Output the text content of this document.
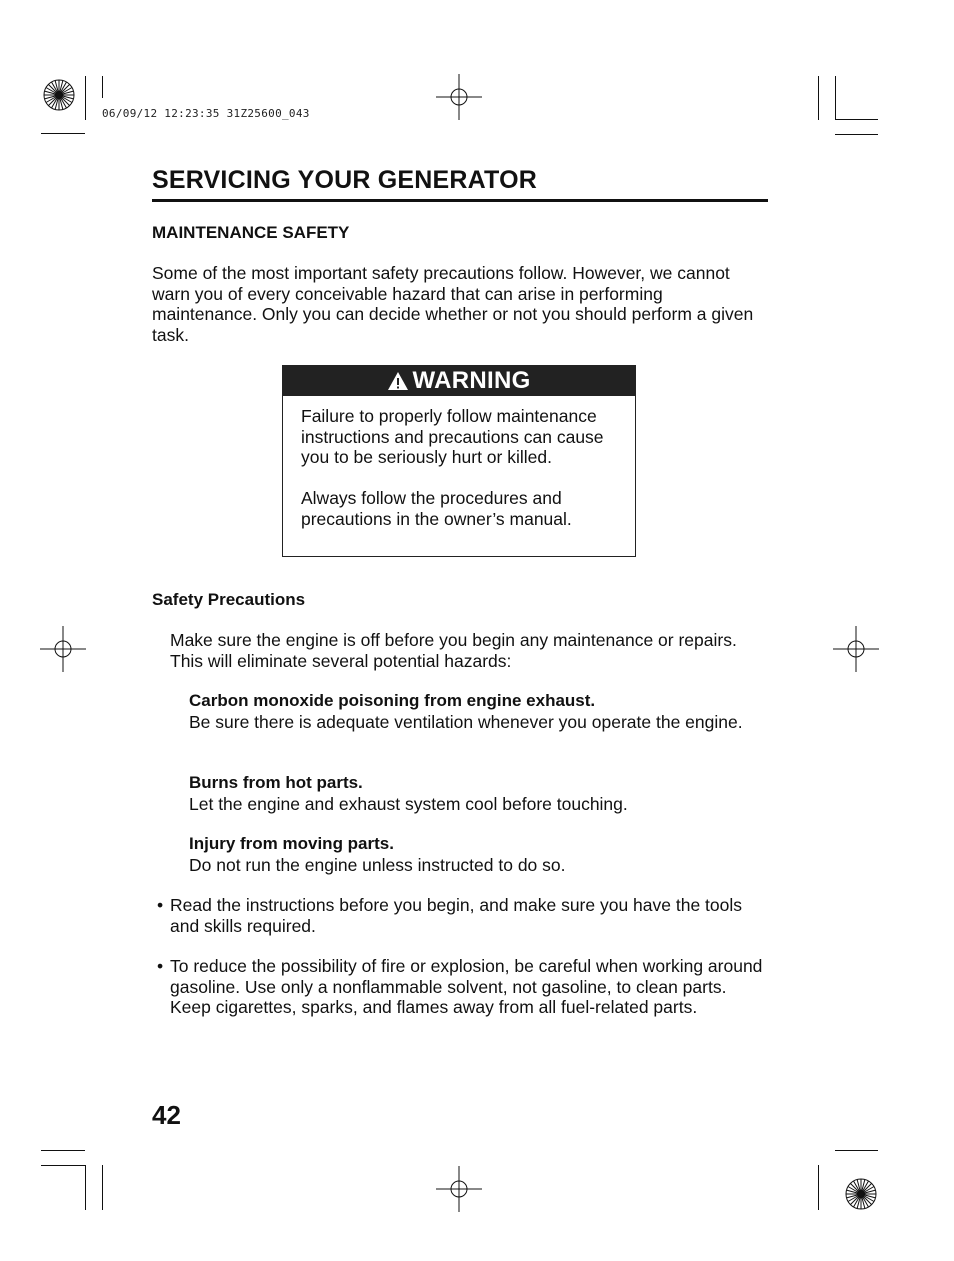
06/09/12 12:23:35 31Z25600_043
SERVICING YOUR GENERATOR
MAINTENANCE SAFETY
Some of the most important safety precautions follow. However, we cannot warn you of every conceivable hazard that can arise in performing maintenance. Only you can decide whether or not you should perform a given task.
WARNING

Failure to properly follow maintenance instructions and precautions can cause you to be seriously hurt or killed.

Always follow the procedures and precautions in the owner’s manual.

Safety Precautions
Make sure the engine is off before you begin any maintenance or repairs. This will eliminate several potential hazards:
Carbon monoxide poisoning from engine exhaust.
Be sure there is adequate ventilation whenever you operate the engine.
Burns from hot parts.
Let the engine and exhaust system cool before touching.
Injury from moving parts.
Do not run the engine unless instructed to do so.
• Read the instructions before you begin, and make sure you have the tools and skills required.
• To reduce the possibility of fire or explosion, be careful when working around gasoline. Use only a nonflammable solvent, not gasoline, to clean parts. Keep cigarettes, sparks, and flames away from all fuel-related parts.
42
